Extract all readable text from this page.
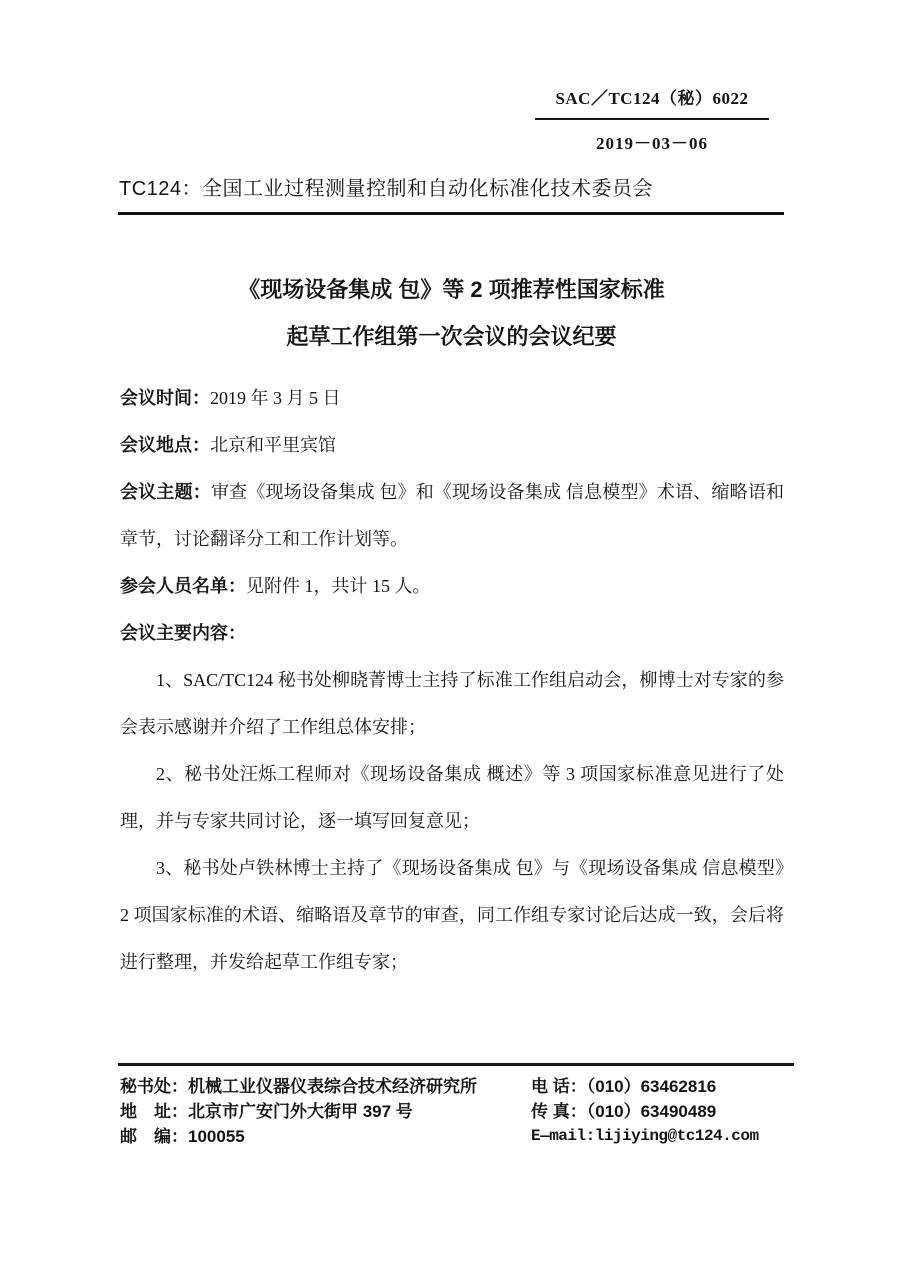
SAC／TC124（秘）6022
2019－03－06
TC124：全国工业过程测量控制和自动化标准化技术委员会
《现场设备集成 包》等 2 项推荐性国家标准
起草工作组第一次会议的会议纪要

会议时间：2019 年 3 月 5 日

会议地点：北京和平里宾馆

会议主题：审查《现场设备集成 包》和《现场设备集成 信息模型》术语、缩略语和章节，讨论翻译分工和工作计划等。

参会人员名单：见附件 1，共计 15 人。

会议主要内容：

1、SAC/TC124 秘书处柳晓菁博士主持了标准工作组启动会，柳博士对专家的参会表示感谢并介绍了工作组总体安排；

2、秘书处汪烁工程师对《现场设备集成 概述》等 3 项国家标准意见进行了处理，并与专家共同讨论，逐一填写回复意见；

3、秘书处卢铁林博士主持了《现场设备集成 包》与《现场设备集成 信息模型》2 项国家标准的术语、缩略语及章节的审查，同工作组专家讨论后达成一致，会后将进行整理，并发给起草工作组专家；

秘书处：机械工业仪器仪表综合技术经济研究所
地　址：北京市广安门外大街甲 397 号
邮　编：100055
电 话：（010）63462816
传 真：（010）63490489
E—mail:lijiying@tc124.com
